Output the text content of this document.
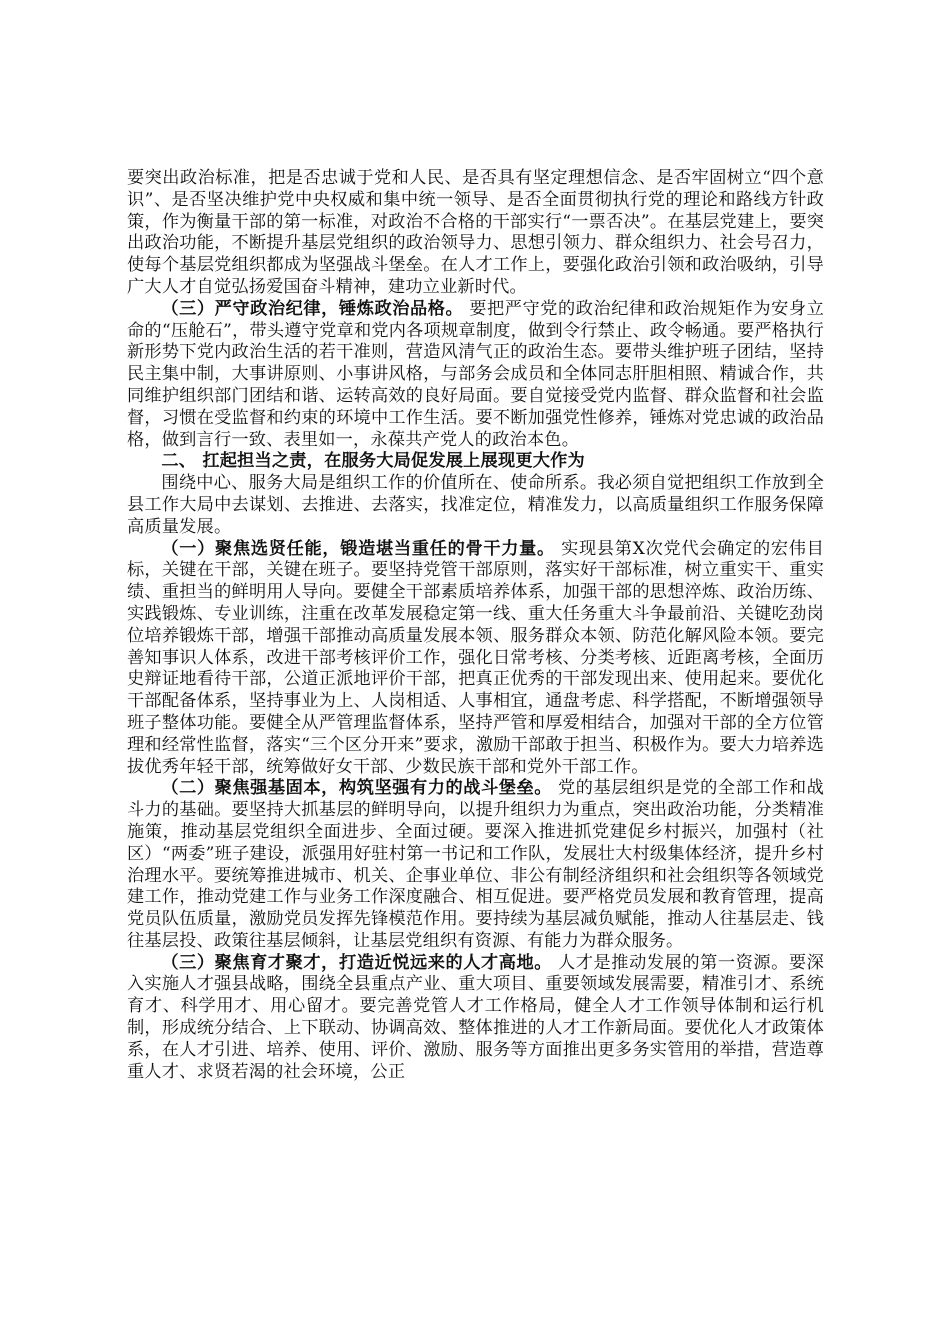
要突出政治标准，把是否忠诚于党和人民、是否具有坚定理想信念、是否牢固树立“四个意识”、是否坚决维护党中央权威和集中统一领导、是否全面贯彻执行党的理论和路线方针政策，作为衡量干部的第一标准，对政治不合格的干部实行“一票否决”。在基层党建上，要突出政治功能，不断提升基层党组织的政治领导力、思想引领力、群众组织力、社会号召力，使每个基层党组织都成为坚强战斗堡垒。在人才工作上，要强化政治引领和政治吸纳，引导广大人才自觉弘扬爱国奋斗精神，建功立业新时代。

（三）严守政治纪律，锤炼政治品格。 要把严守党的政治纪律和政治规矩作为安身立命的“压舱石”，带头遵守党章和党内各项规章制度，做到令行禁止、政令畅通。要严格执行新形势下党内政治生活的若干准则，营造风清气正的政治生态。要带头维护班子团结，坚持民主集中制，大事讲原则、小事讲风格，与部务会成员和全体同志肝胆相照、精诚合作，共同维护组织部门团结和谐、运转高效的良好局面。要自觉接受党内监督、群众监督和社会监督，习惯在受监督和约束的环境中工作生活。要不断加强党性修养，锤炼对党忠诚的政治品格，做到言行一致、表里如一，永葆共产党人的政治本色。

二、 扛起担当之责，在服务大局促发展上展现更大作为

围绕中心、服务大局是组织工作的价值所在、使命所系。我必须自觉把组织工作放到全县工作大局中去谋划、去推进、去落实，找准定位，精准发力，以高质量组织工作服务保障高质量发展。

（一）聚焦选贤任能，锻造堪当重任的骨干力量。 实现县第X次党代会确定的宏伟目标，关键在干部，关键在班子。要坚持党管干部原则，落实好干部标准，树立重实干、重实绩、重担当的鲜明用人导向。要健全干部素质培养体系，加强干部的思想淬炼、政治历练、实践锻炼、专业训练，注重在改革发展稳定第一线、重大任务重大斗争最前沿、关键吃劲岗位培养锻炼干部，增强干部推动高质量发展本领、服务群众本领、防范化解风险本领。要完善知事识人体系，改进干部考核评价工作，强化日常考核、分类考核、近距离考核，全面历史辩证地看待干部，公道正派地评价干部，把真正优秀的干部发现出来、使用起来。要优化干部配备体系，坚持事业为上、人岗相适、人事相宜，通盘考虑、科学搭配，不断增强领导班子整体功能。要健全从严管理监督体系，坚持严管和厚爱相结合，加强对干部的全方位管理和经常性监督，落实“三个区分开来”要求，激励干部敢于担当、积极作为。要大力培养选拔优秀年轻干部，统筹做好女干部、少数民族干部和党外干部工作。

（二）聚焦强基固本，构筑坚强有力的战斗堡垒。 党的基层组织是党的全部工作和战斗力的基础。要坚持大抓基层的鲜明导向，以提升组织力为重点，突出政治功能，分类精准施策，推动基层党组织全面进步、全面过硬。要深入推进抓党建促乡村振兴，加强村（社区）“两委”班子建设，派强用好驻村第一书记和工作队，发展壮大村级集体经济，提升乡村治理水平。要统筹推进城市、机关、企事业单位、非公有制经济组织和社会组织等各领域党建工作，推动党建工作与业务工作深度融合、相互促进。要严格党员发展和教育管理，提高党员队伍质量，激励党员发挥先锋模范作用。要持续为基层减负赋能，推动人往基层走、钱往基层投、政策往基层倾斜，让基层党组织有资源、有能力为群众服务。

（三）聚焦育才聚才，打造近悦远来的人才高地。 人才是推动发展的第一资源。要深入实施人才强县战略，围绕全县重点产业、重大项目、重要领域发展需要，精准引才、系统育才、科学用才、用心留才。要完善党管人才工作格局，健全人才工作领导体制和运行机制，形成统分结合、上下联动、协调高效、整体推进的人才工作新局面。要优化人才政策体系，在人才引进、培养、使用、评价、激励、服务等方面推出更多务实管用的举措，营造尊重人才、求贤若渴的社会环境，公正
